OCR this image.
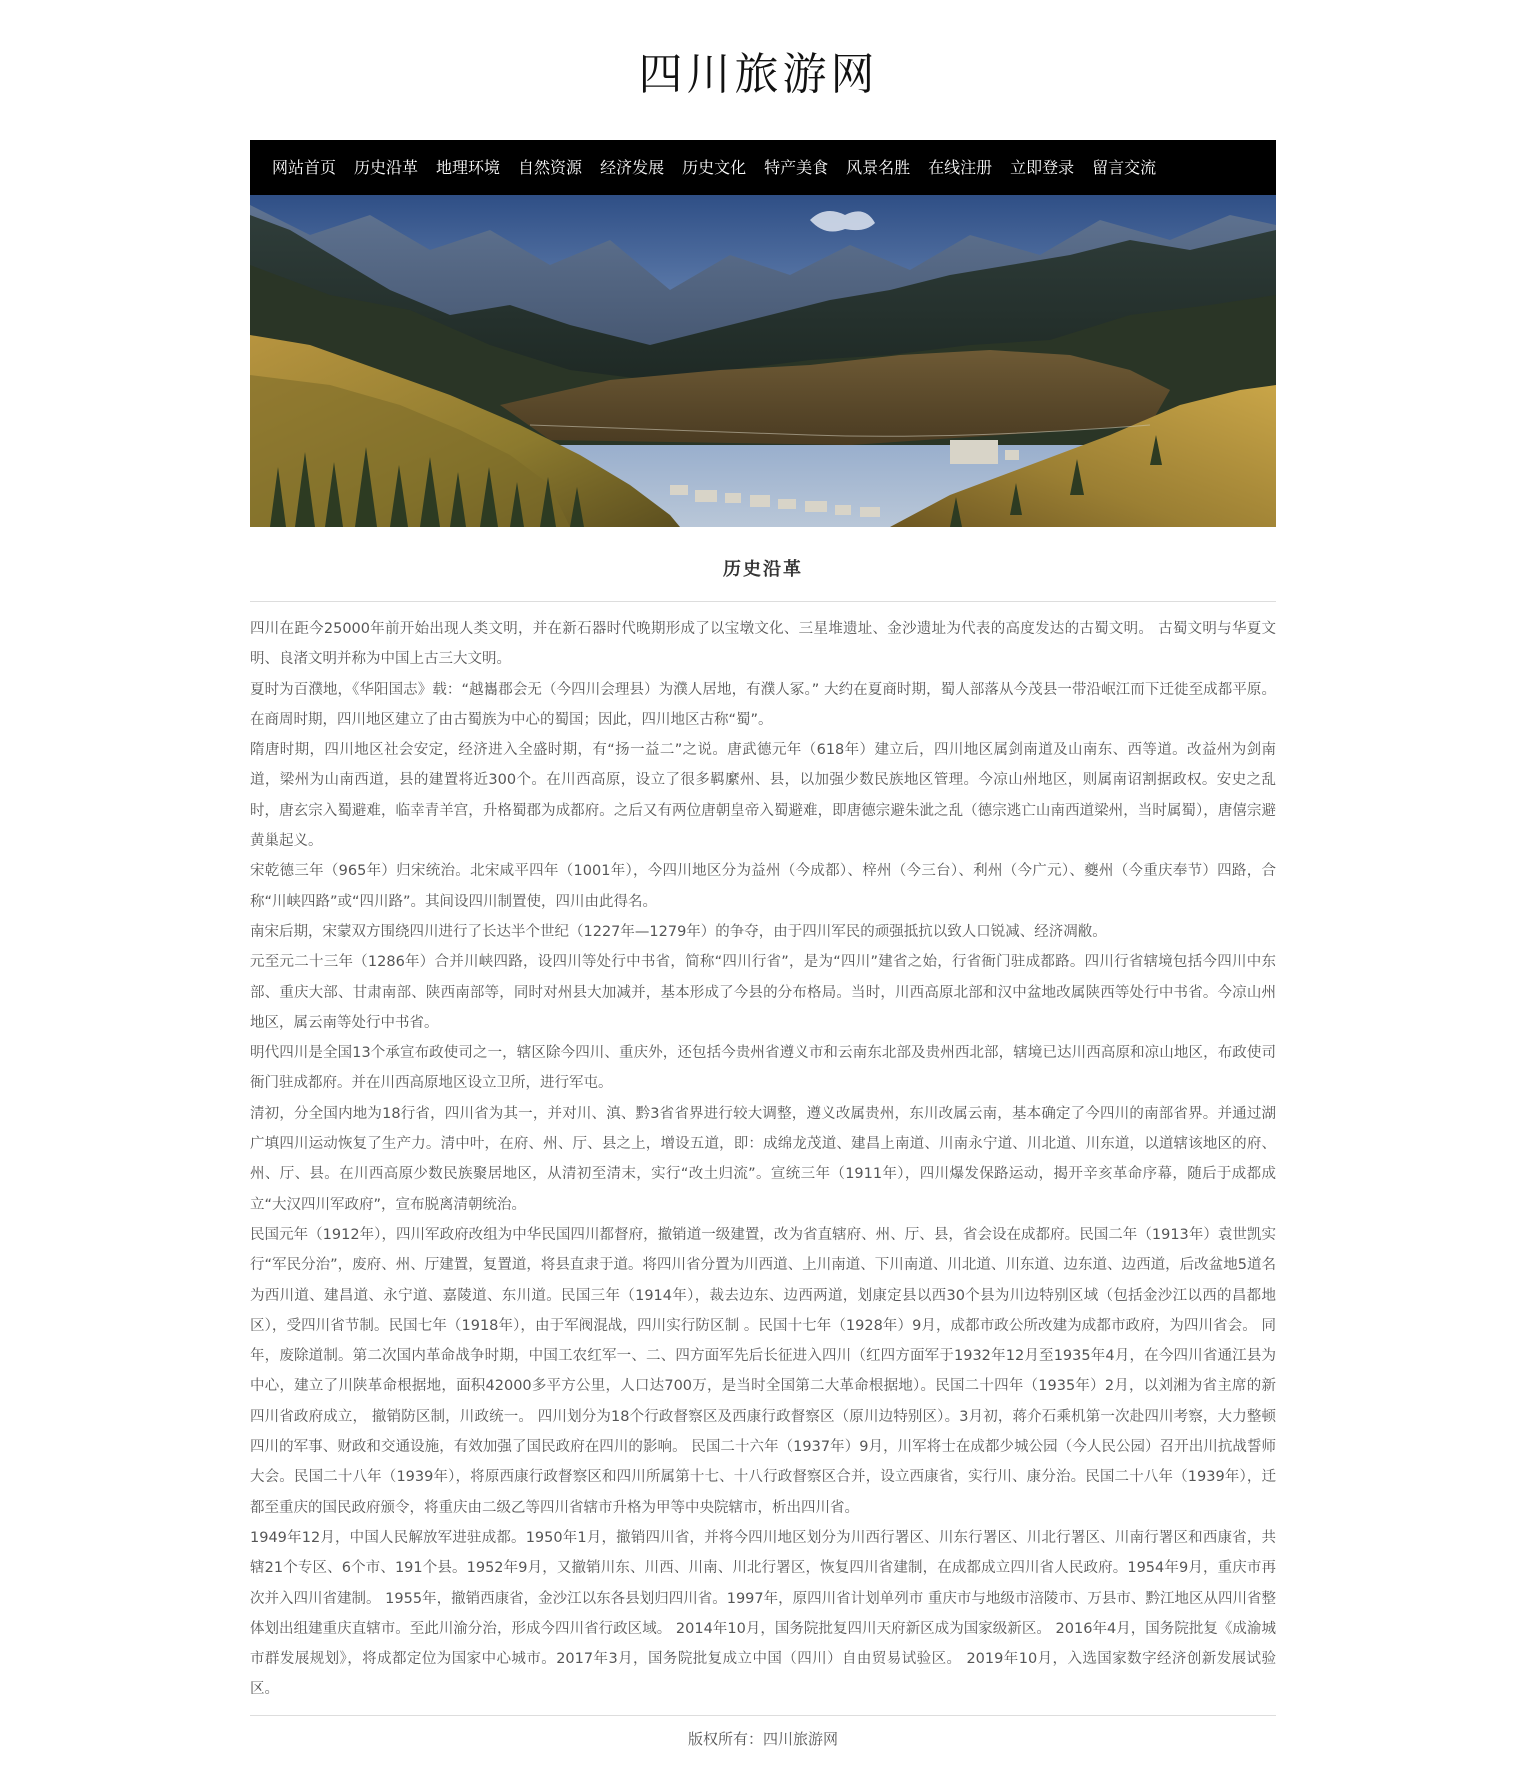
四川旅游网
网站首页 历史沿革 地理环境 自然资源 经济发展 历史文化 特产美食 风景名胜 在线注册 立即登录 留言交流
历史沿革

四川在距今25000年前开始出现人类文明，并在新石器时代晚期形成了以宝墩文化、三星堆遗址、金沙遗址为代表的高度发达的古蜀文明。 古蜀文明与华夏文明、良渚文明并称为中国上古三大文明。

夏时为百濮地，《华阳国志》载：“越巂郡会无（今四川会理县）为濮人居地，有濮人冢。” 大约在夏商时期，蜀人部落从今茂县一带沿岷江而下迁徙至成都平原。在商周时期，四川地区建立了由古蜀族为中心的蜀国；因此，四川地区古称“蜀”。

隋唐时期，四川地区社会安定，经济进入全盛时期，有“扬一益二”之说。唐武德元年（618年）建立后，四川地区属剑南道及山南东、西等道。改益州为剑南道，梁州为山南西道，县的建置将近300个。在川西高原，设立了很多羁縻州、县，以加强少数民族地区管理。今凉山州地区，则属南诏割据政权。安史之乱时，唐玄宗入蜀避难，临幸青羊宫，升格蜀郡为成都府。之后又有两位唐朝皇帝入蜀避难，即唐德宗避朱泚之乱（德宗逃亡山南西道梁州，当时属蜀），唐僖宗避黄巢起义。

宋乾德三年（965年）归宋统治。北宋咸平四年（1001年），今四川地区分为益州（今成都）、梓州（今三台）、利州（今广元）、夔州（今重庆奉节）四路，合称“川峡四路”或“四川路”。其间设四川制置使，四川由此得名。

南宋后期，宋蒙双方围绕四川进行了长达半个世纪（1227年—1279年）的争夺，由于四川军民的顽强抵抗以致人口锐减、经济凋敝。

元至元二十三年（1286年）合并川峡四路，设四川等处行中书省，简称“四川行省”，是为“四川”建省之始，行省衙门驻成都路。四川行省辖境包括今四川中东部、重庆大部、甘肃南部、陕西南部等，同时对州县大加减并，基本形成了今县的分布格局。当时，川西高原北部和汉中盆地改属陕西等处行中书省。今凉山州地区，属云南等处行中书省。

明代四川是全国13个承宣布政使司之一，辖区除今四川、重庆外，还包括今贵州省遵义市和云南东北部及贵州西北部，辖境已达川西高原和凉山地区，布政使司衙门驻成都府。并在川西高原地区设立卫所，进行军屯。

清初，分全国内地为18行省，四川省为其一，并对川、滇、黔3省省界进行较大调整，遵义改属贵州，东川改属云南，基本确定了今四川的南部省界。并通过湖广填四川运动恢复了生产力。清中叶，在府、州、厅、县之上，增设五道，即：成绵龙茂道、建昌上南道、川南永宁道、川北道、川东道，以道辖该地区的府、州、厅、县。在川西高原少数民族聚居地区，从清初至清末，实行“改土归流”。宣统三年（1911年），四川爆发保路运动，揭开辛亥革命序幕，随后于成都成立“大汉四川军政府”，宣布脱离清朝统治。

民国元年（1912年），四川军政府改组为中华民国四川都督府，撤销道一级建置，改为省直辖府、州、厅、县，省会设在成都府。民国二年（1913年）袁世凯实行“军民分治”，废府、州、厅建置，复置道，将县直隶于道。将四川省分置为川西道、上川南道、下川南道、川北道、川东道、边东道、边西道，后改盆地5道名为西川道、建昌道、永宁道、嘉陵道、东川道。民国三年（1914年），裁去边东、边西两道，划康定县以西30个县为川边特别区域（包括金沙江以西的昌都地区），受四川省节制。民国七年（1918年），由于军阀混战，四川实行防区制 。民国十七年（1928年）9月，成都市政公所改建为成都市政府，为四川省会。 同年，废除道制。第二次国内革命战争时期，中国工农红军一、二、四方面军先后长征进入四川（红四方面军于1932年12月至1935年4月，在今四川省通江县为中心，建立了川陕革命根据地，面积42000多平方公里，人口达700万，是当时全国第二大革命根据地）。民国二十四年（1935年）2月，以刘湘为省主席的新四川省政府成立， 撤销防区制，川政统一。 四川划分为18个行政督察区及西康行政督察区（原川边特别区）。3月初，蒋介石乘机第一次赴四川考察，大力整顿四川的军事、财政和交通设施，有效加强了国民政府在四川的影响。 民国二十六年（1937年）9月，川军将士在成都少城公园（今人民公园）召开出川抗战誓师大会。民国二十八年（1939年），将原西康行政督察区和四川所属第十七、十八行政督察区合并，设立西康省，实行川、康分治。民国二十八年（1939年），迁都至重庆的国民政府颁令，将重庆由二级乙等四川省辖市升格为甲等中央院辖市，析出四川省。

1949年12月，中国人民解放军进驻成都。1950年1月，撤销四川省，并将今四川地区划分为川西行署区、川东行署区、川北行署区、川南行署区和西康省，共辖21个专区、6个市、191个县。1952年9月，又撤销川东、川西、川南、川北行署区，恢复四川省建制，在成都成立四川省人民政府。1954年9月，重庆市再次并入四川省建制。 1955年，撤销西康省，金沙江以东各县划归四川省。1997年，原四川省计划单列市 重庆市与地级市涪陵市、万县市、黔江地区从四川省整体划出组建重庆直辖市。至此川渝分治，形成今四川省行政区域。 2014年10月，国务院批复四川天府新区成为国家级新区。 2016年4月，国务院批复《成渝城市群发展规划》，将成都定位为国家中心城市。2017年3月，国务院批复成立中国（四川）自由贸易试验区。 2019年10月，入选国家数字经济创新发展试验区。

版权所有：四川旅游网
